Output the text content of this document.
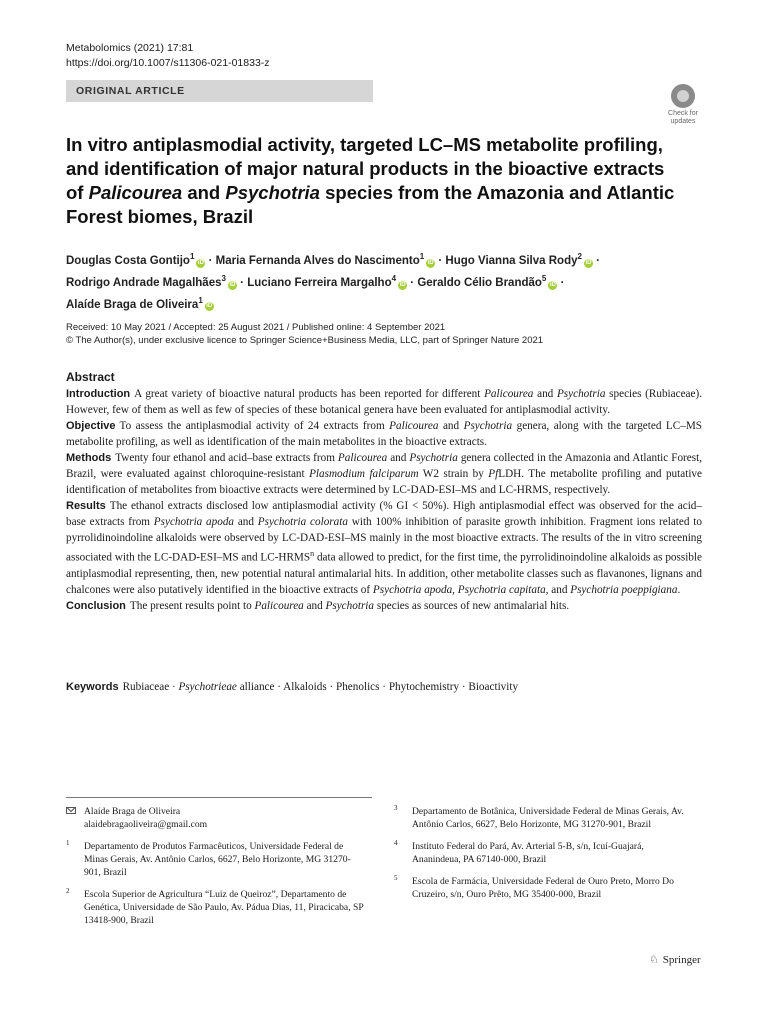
Metabolomics (2021) 17:81
https://doi.org/10.1007/s11306-021-01833-z
ORIGINAL ARTICLE
Check for
updates
In vitro antiplasmodial activity, targeted LC–MS metabolite profiling, and identification of major natural products in the bioactive extracts of Palicourea and Psychotria species from the Amazonia and Atlantic Forest biomes, Brazil
Douglas Costa Gontijo$^1$iD · Maria Fernanda Alves do Nascimento$^1$iD · Hugo Vianna Silva Rody$^2$iD ·
Rodrigo Andrade Magalhães$^3$iD · Luciano Ferreira Margalho$^4$iD · Geraldo Célio Brandão$^5$iD ·
Alaíde Braga de Oliveira$^1$iD
Received: 10 May 2021 / Accepted: 25 August 2021 / Published online: 4 September 2021
© The Author(s), under exclusive licence to Springer Science+Business Media, LLC, part of Springer Nature 2021
Abstract

Introduction A great variety of bioactive natural products has been reported for different Palicourea and Psychotria species (Rubiaceae). However, few of them as well as few of species of these botanical genera have been evaluated for antiplasmodial activity.

Objective To assess the antiplasmodial activity of 24 extracts from Palicourea and Psychotria genera, along with the targeted LC–MS metabolite profiling, as well as identification of the main metabolites in the bioactive extracts.

Methods Twenty four ethanol and acid–base extracts from Palicourea and Psychotria genera collected in the Amazonia and Atlantic Forest, Brazil, were evaluated against chloroquine-resistant Plasmodium falciparum W2 strain by PfLDH. The metabolite profiling and putative identification of metabolites from bioactive extracts were determined by LC-DAD-ESI–MS and LC-HRMS, respectively.

Results The ethanol extracts disclosed low antiplasmodial activity (% GI < 50%). High antiplasmodial effect was observed for the acid–base extracts from Psychotria apoda and Psychotria colorata with 100% inhibition of parasite growth inhibition. Fragment ions related to pyrrolidinoindoline alkaloids were observed by LC-DAD-ESI–MS mainly in the most bioactive extracts. The results of the in vitro screening associated with the LC-DAD-ESI–MS and LC-HRMS$^n$ data allowed to predict, for the first time, the pyrrolidinoindoline alkaloids as possible antiplasmodial representing, then, new potential natural antimalarial hits. In addition, other metabolite classes such as flavanones, lignans and chalcones were also putatively identified in the bioactive extracts of Psychotria apoda, Psychotria capitata, and Psychotria poeppigiana.

Conclusion The present results point to Palicourea and Psychotria species as sources of new antimalarial hits.

Keywords Rubiaceae · Psychotrieae alliance · Alkaloids · Phenolics · Phytochemistry · Bioactivity
Alaíde Braga de Oliveira
alaidebragaoliveira@gmail.com
1 Departamento de Produtos Farmacêuticos, Universidade Federal de Minas Gerais, Av. Antônio Carlos, 6627, Belo Horizonte, MG 31270-901, Brazil
2 Escola Superior de Agricultura “Luiz de Queiroz”, Departamento de Genética, Universidade de São Paulo, Av. Pádua Dias, 11, Piracicaba, SP 13418-900, Brazil
3 Departamento de Botânica, Universidade Federal de Minas Gerais, Av. Antônio Carlos, 6627, Belo Horizonte, MG 31270-901, Brazil
4 Instituto Federal do Pará, Av. Arterial 5-B, s/n, Icuí-Guajará, Ananindeua, PA 67140-000, Brazil
5 Escola de Farmácia, Universidade Federal de Ouro Preto, Morro Do Cruzeiro, s/n, Ouro Prêto, MG 35400-000, Brazil
♘ Springer
